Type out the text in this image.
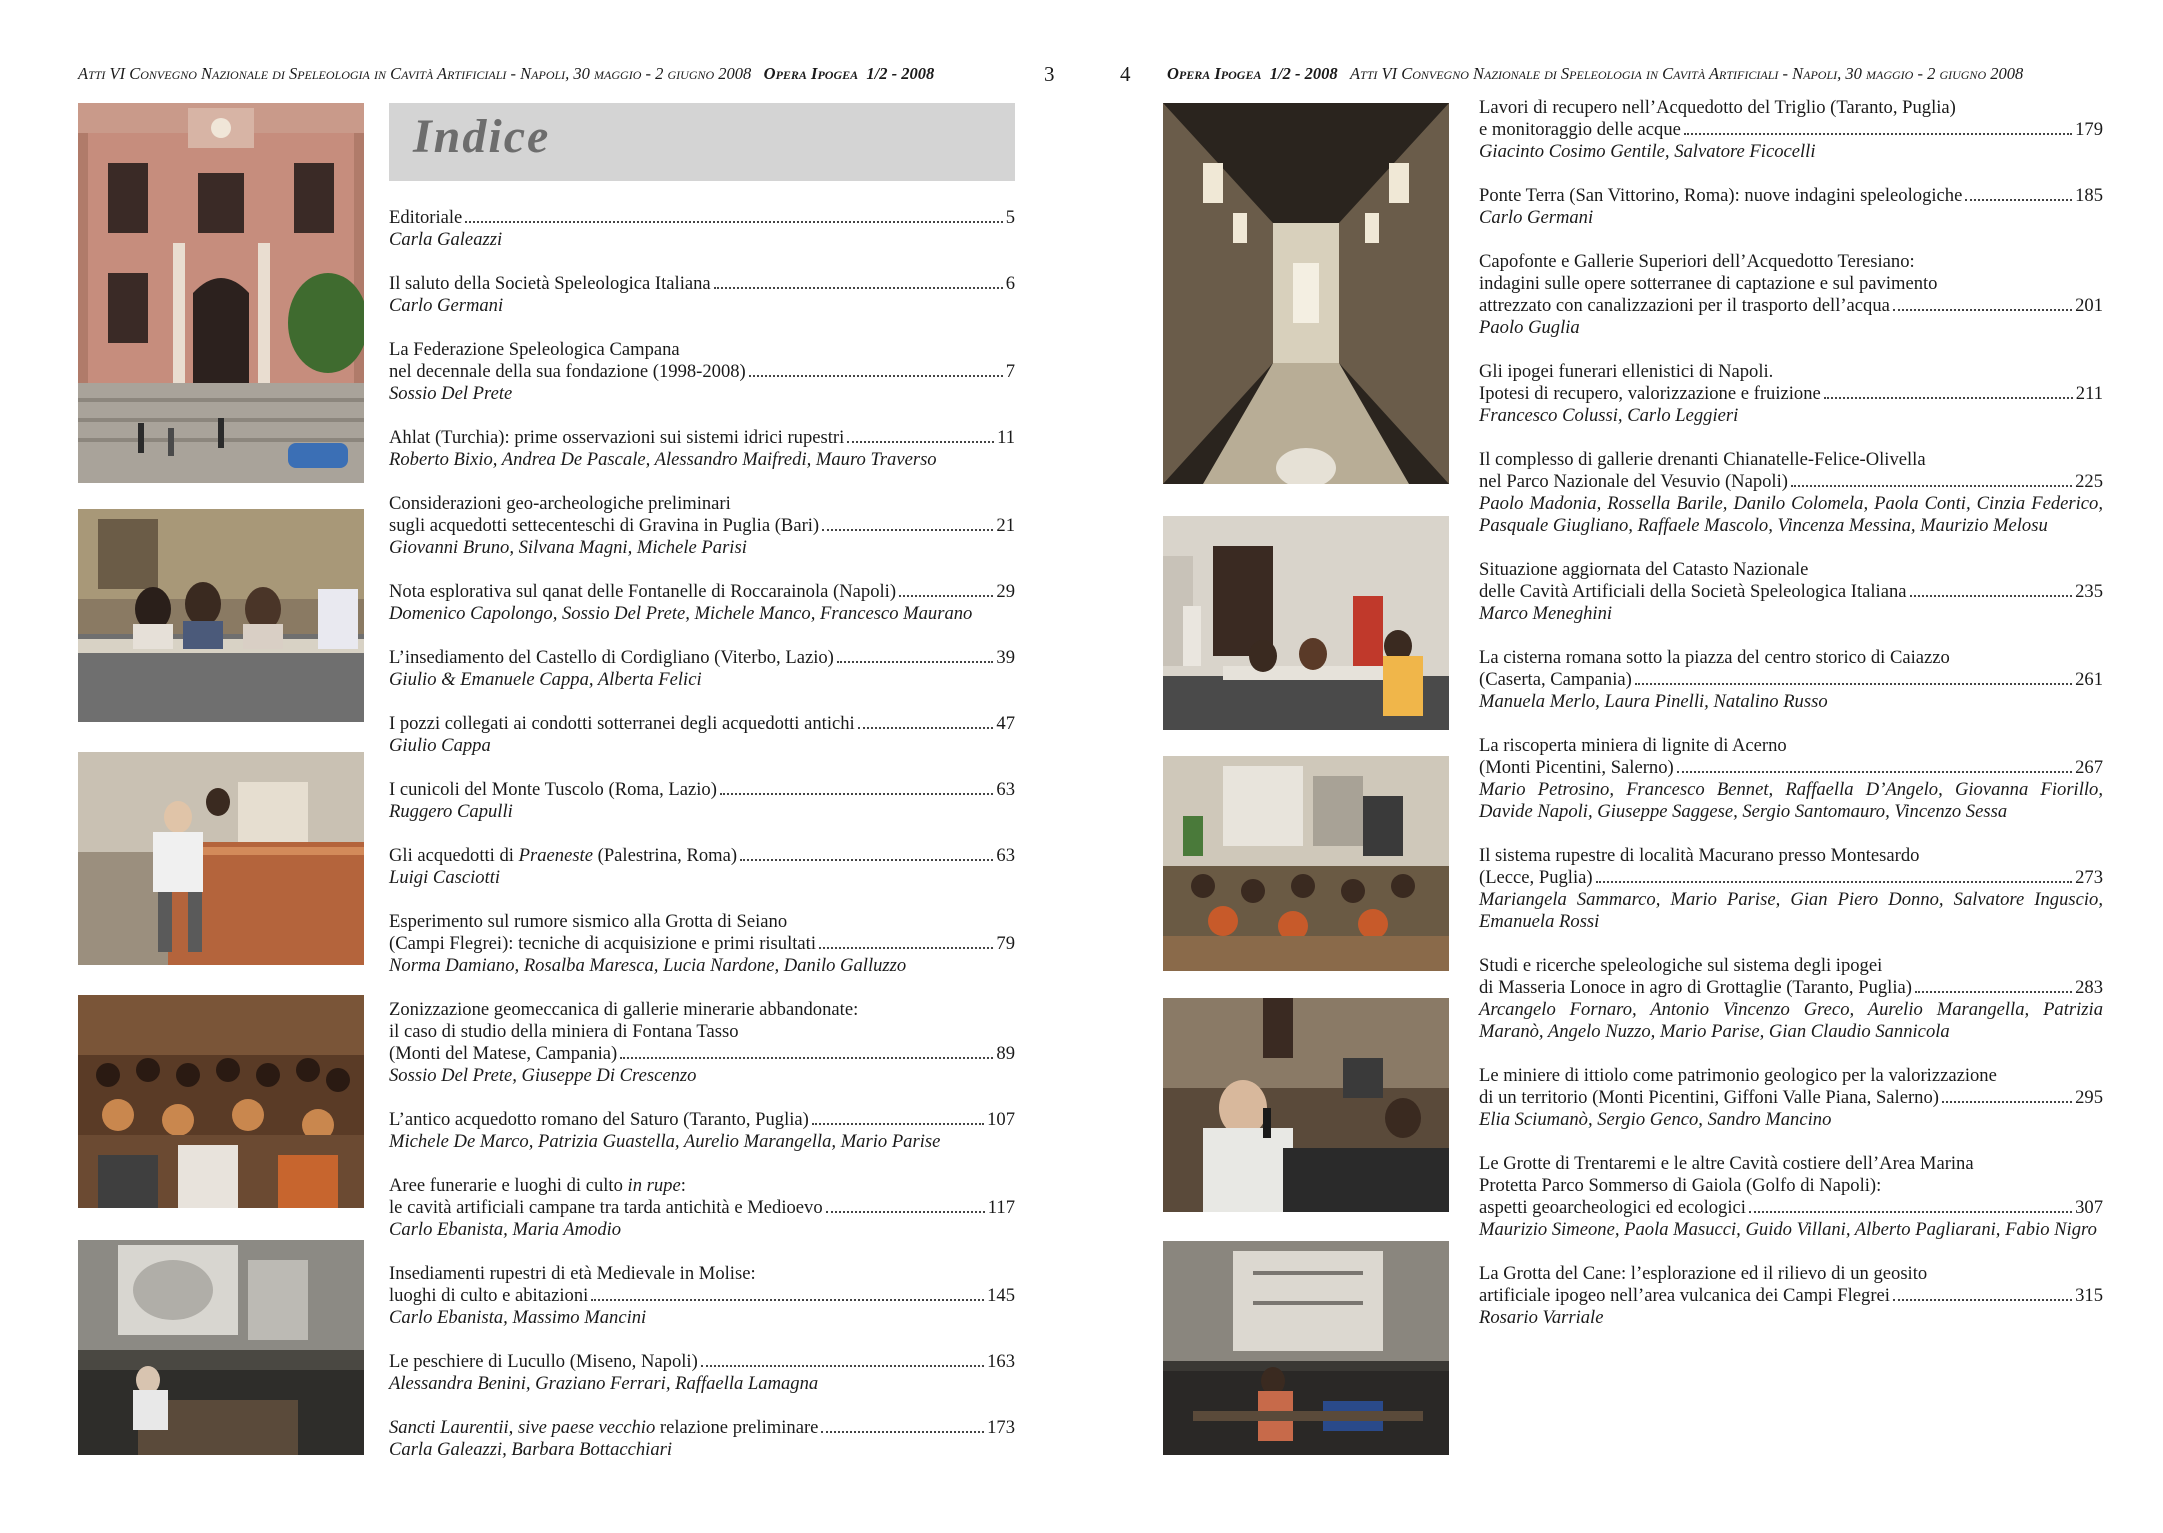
Atti VI Convegno Nazionale di Speleologia in Cavità Artificiali - Napoli, 30 maggio - 2 giugno 2008 Opera Ipogea 1/2 - 2008	3	4 Opera Ipogea 1/2 - 2008 Atti VI Convegno Nazionale di Speleologia in Cavità Artificiali - Napoli, 30 maggio - 2 giugno 2008
Indice
Editoriale	5
Carla Galeazzi
Il saluto della Società Speleologica Italiana	6
Carlo Germani
La Federazione Speleologica Campana
nel decennale della sua fondazione (1998-2008)	7
Sossio Del Prete
Ahlat (Turchia): prime osservazioni sui sistemi idrici rupestri	11
Roberto Bixio, Andrea De Pascale, Alessandro Maifredi, Mauro Traverso
Considerazioni geo-archeologiche preliminari
sugli acquedotti settecenteschi di Gravina in Puglia (Bari)	21
Giovanni Bruno, Silvana Magni, Michele Parisi
Nota esplorativa sul qanat delle Fontanelle di Roccarainola (Napoli)	29
Domenico Capolongo, Sossio Del Prete, Michele Manco, Francesco Maurano
L’insediamento del Castello di Cordigliano (Viterbo, Lazio)	39
Giulio & Emanuele Cappa, Alberta Felici
I pozzi collegati ai condotti sotterranei degli acquedotti antichi	47
Giulio Cappa
I cunicoli del Monte Tuscolo (Roma, Lazio)	63
Ruggero Capulli
Gli acquedotti di Praeneste (Palestrina, Roma)	63
Luigi Casciotti
Esperimento sul rumore sismico alla Grotta di Seiano
(Campi Flegrei): tecniche di acquisizione e primi risultati	79
Norma Damiano, Rosalba Maresca, Lucia Nardone, Danilo Galluzzo
Zonizzazione geomeccanica di gallerie minerarie abbandonate:
il caso di studio della miniera di Fontana Tasso
(Monti del Matese, Campania)	89
Sossio Del Prete, Giuseppe Di Crescenzo
L’antico acquedotto romano del Saturo (Taranto, Puglia)	107
Michele De Marco, Patrizia Guastella, Aurelio Marangella, Mario Parise
Aree funerarie e luoghi di culto in rupe:
le cavità artificiali campane tra tarda antichità e Medioevo	117
Carlo Ebanista, Maria Amodio
Insediamenti rupestri di età Medievale in Molise:
luoghi di culto e abitazioni	145
Carlo Ebanista, Massimo Mancini
Le peschiere di Lucullo (Miseno, Napoli)	163
Alessandra Benini, Graziano Ferrari, Raffaella Lamagna
Sancti Laurentii, sive paese vecchio relazione preliminare	173
Carla Galeazzi, Barbara Bottacchiari
Lavori di recupero nell’Acquedotto del Triglio (Taranto, Puglia)
e monitoraggio delle acque	179
Giacinto Cosimo Gentile, Salvatore Ficocelli
Ponte Terra (San Vittorino, Roma): nuove indagini speleologiche	185
Carlo Germani
Capofonte e Gallerie Superiori dell’Acquedotto Teresiano:
indagini sulle opere sotterranee di captazione e sul pavimento
attrezzato con canalizzazioni per il trasporto dell’acqua	201
Paolo Guglia
Gli ipogei funerari ellenistici di Napoli.
Ipotesi di recupero, valorizzazione e fruizione	211
Francesco Colussi, Carlo Leggieri
Il complesso di gallerie drenanti Chianatelle-Felice-Olivella
nel Parco Nazionale del Vesuvio (Napoli)	225
Paolo Madonia, Rossella Barile, Danilo Colomela, Paola Conti, Cinzia Federico, Pasquale Giugliano, Raffaele Mascolo, Vincenza Messina, Maurizio Melosu
Situazione aggiornata del Catasto Nazionale
delle Cavità Artificiali della Società Speleologica Italiana	235
Marco Meneghini
La cisterna romana sotto la piazza del centro storico di Caiazzo
(Caserta, Campania)	261
Manuela Merlo, Laura Pinelli, Natalino Russo
La riscoperta miniera di lignite di Acerno
(Monti Picentini, Salerno)	267
Mario Petrosino, Francesco Bennet, Raffaella D’Angelo, Giovanna Fiorillo, Davide Napoli, Giuseppe Saggese, Sergio Santomauro, Vincenzo Sessa
Il sistema rupestre di località Macurano presso Montesardo
(Lecce, Puglia)	273
Mariangela Sammarco, Mario Parise, Gian Piero Donno, Salvatore Inguscio, Emanuela Rossi
Studi e ricerche speleologiche sul sistema degli ipogei
di Masseria Lonoce in agro di Grottaglie (Taranto, Puglia)	283
Arcangelo Fornaro, Antonio Vincenzo Greco, Aurelio Marangella, Patrizia Maranò, Angelo Nuzzo, Mario Parise, Gian Claudio Sannicola
Le miniere di ittiolo come patrimonio geologico per la valorizzazione
di un territorio (Monti Picentini, Giffoni Valle Piana, Salerno)	295
Elia Sciumanò, Sergio Genco, Sandro Mancino
Le Grotte di Trentaremi e le altre Cavità costiere dell’Area Marina
Protetta Parco Sommerso di Gaiola (Golfo di Napoli):
aspetti geoarcheologici ed ecologici	307
Maurizio Simeone, Paola Masucci, Guido Villani, Alberto Pagliarani, Fabio Nigro
La Grotta del Cane: l’esplorazione ed il rilievo di un geosito
artificiale ipogeo nell’area vulcanica dei Campi Flegrei	315
Rosario Varriale
